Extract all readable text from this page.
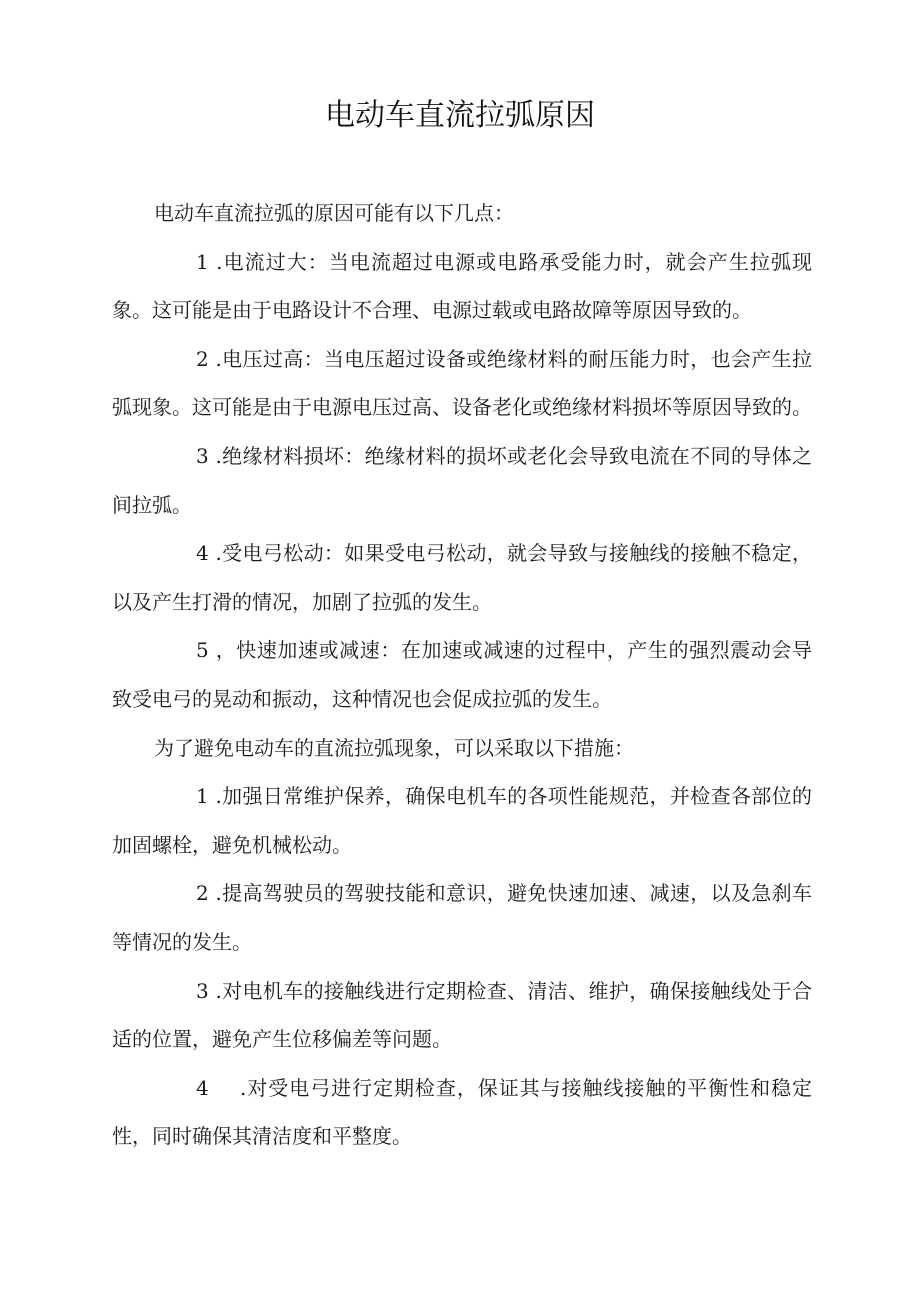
电动车直流拉弧原因

电动车直流拉弧的原因可能有以下几点：

1 .电流过大：当电流超过电源或电路承受能力时，就会产生拉弧现象。这可能是由于电路设计不合理、电源过载或电路故障等原因导致的。

2 .电压过高：当电压超过设备或绝缘材料的耐压能力时，也会产生拉弧现象。这可能是由于电源电压过高、设备老化或绝缘材料损坏等原因导致的。

3 .绝缘材料损坏：绝缘材料的损坏或老化会导致电流在不同的导体之间拉弧。

4 .受电弓松动：如果受电弓松动，就会导致与接触线的接触不稳定，以及产生打滑的情况，加剧了拉弧的发生。

5 ，快速加速或减速：在加速或减速的过程中，产生的强烈震动会导致受电弓的晃动和振动，这种情况也会促成拉弧的发生。

为了避免电动车的直流拉弧现象，可以采取以下措施：

1 .加强日常维护保养，确保电机车的各项性能规范，并检查各部位的加固螺栓，避免机械松动。

2 .提高驾驶员的驾驶技能和意识，避免快速加速、减速，以及急刹车等情况的发生。

3 .对电机车的接触线进行定期检查、清洁、维护，确保接触线处于合适的位置，避免产生位移偏差等问题。

4 .对受电弓进行定期检查，保证其与接触线接触的平衡性和稳定性，同时确保其清洁度和平整度。
